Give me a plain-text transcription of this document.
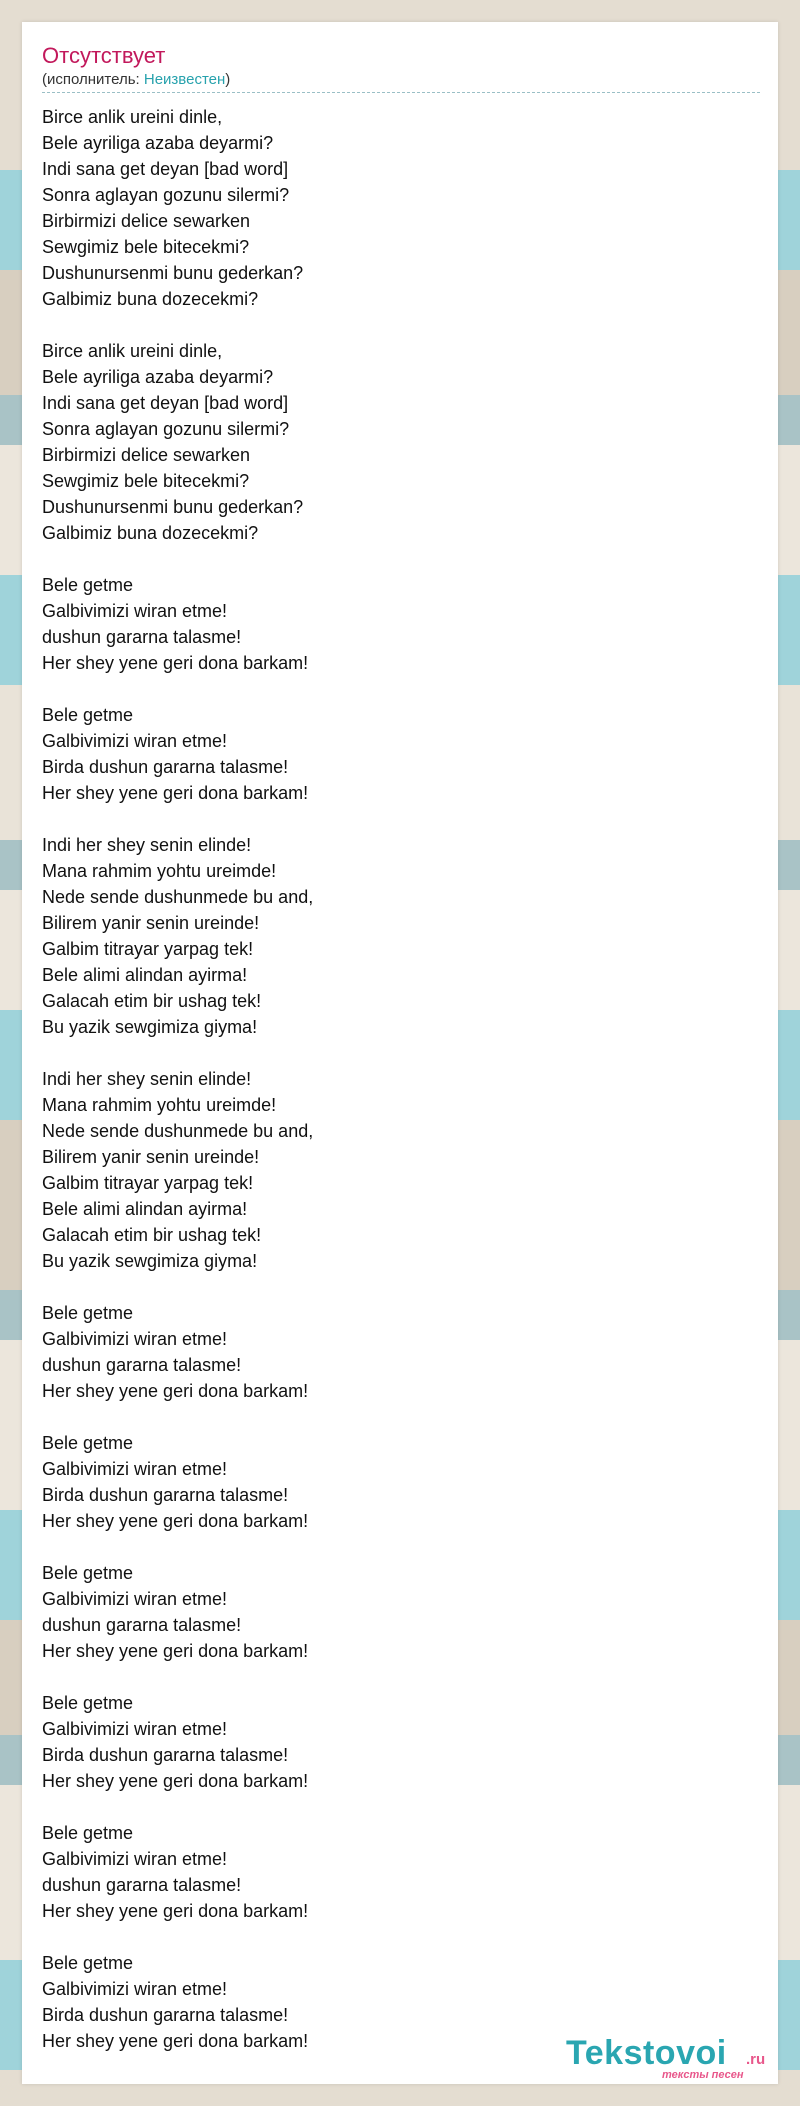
Отсутствует
(исполнитель: Неизвестен)
Birce anlik ureini dinle,
Bele ayriliga azaba deyarmi?
Indi sana get deyan [bad word]
Sonra aglayan gozunu silermi?
Birbirmizi delice sewarken
Sewgimiz bele bitecekmi?
Dushunursenmi bunu gederkan?
Galbimiz buna dozecekmi?
Birce anlik ureini dinle,
Bele ayriliga azaba deyarmi?
Indi sana get deyan [bad word]
Sonra aglayan gozunu silermi?
Birbirmizi delice sewarken
Sewgimiz bele bitecekmi?
Dushunursenmi bunu gederkan?
Galbimiz buna dozecekmi?
Bele getme
Galbivimizi wiran etme!
dushun gararna talasme!
Her shey yene geri dona barkam!
Bele getme
Galbivimizi wiran etme!
Birda dushun gararna talasme!
Her shey yene geri dona barkam!
Indi her shey senin elinde!
Mana rahmim yohtu ureimde!
Nede sende dushunmede bu and,
Bilirem yanir senin ureinde!
Galbim titrayar yarpag tek!
Bele alimi alindan ayirma!
Galacah etim bir ushag tek!
Bu yazik sewgimiza giyma!
Indi her shey senin elinde!
Mana rahmim yohtu ureimde!
Nede sende dushunmede bu and,
Bilirem yanir senin ureinde!
Galbim titrayar yarpag tek!
Bele alimi alindan ayirma!
Galacah etim bir ushag tek!
Bu yazik sewgimiza giyma!
Bele getme
Galbivimizi wiran etme!
dushun gararna talasme!
Her shey yene geri dona barkam!
Bele getme
Galbivimizi wiran etme!
Birda dushun gararna talasme!
Her shey yene geri dona barkam!
Bele getme
Galbivimizi wiran etme!
dushun gararna talasme!
Her shey yene geri dona barkam!
Bele getme
Galbivimizi wiran etme!
Birda dushun gararna talasme!
Her shey yene geri dona barkam!
Bele getme
Galbivimizi wiran etme!
dushun gararna talasme!
Her shey yene geri dona barkam!
Bele getme
Galbivimizi wiran etme!
Birda dushun gararna talasme!
Her shey yene geri dona barkam!	Tekstovoi .ru
тексты песен
